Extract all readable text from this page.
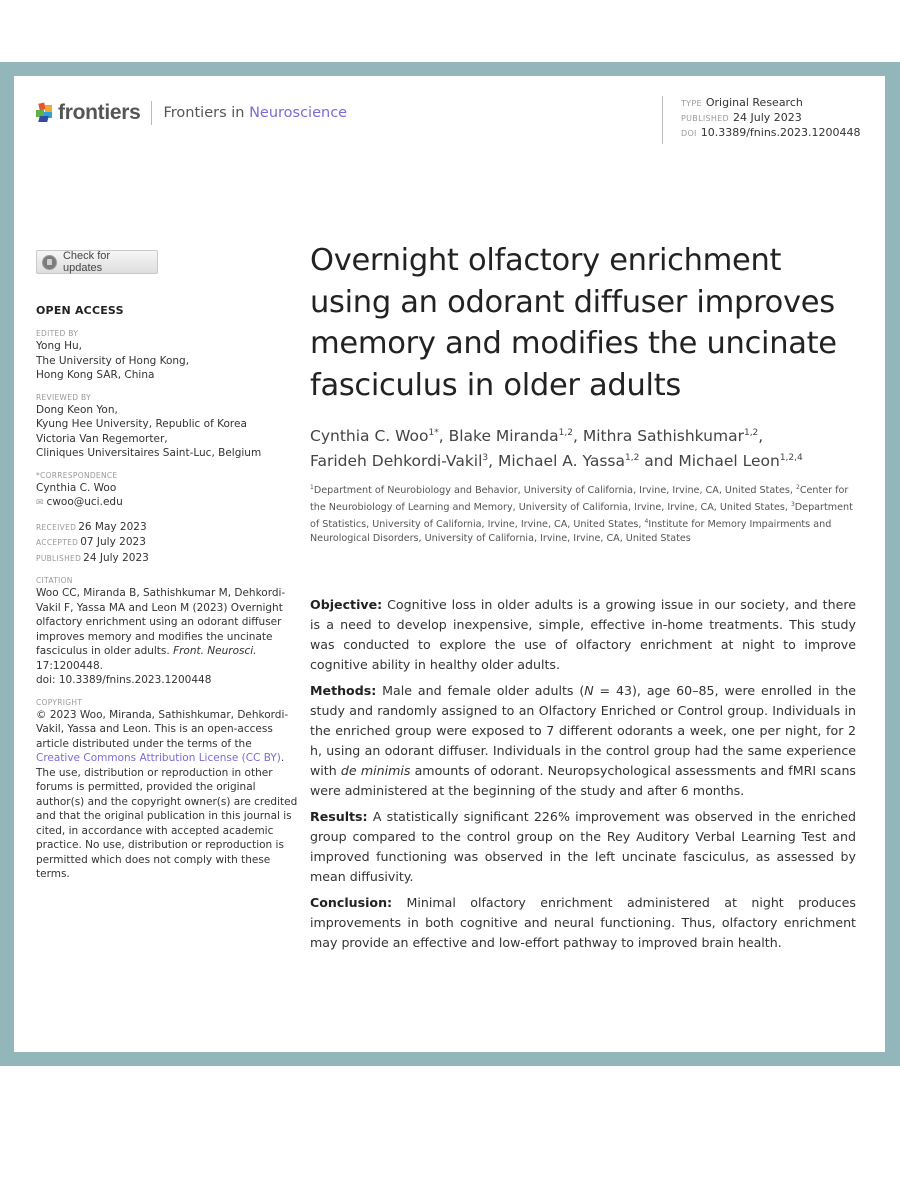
frontiers Frontiers in Neuroscience
TYPE Original Research
PUBLISHED 24 July 2023
DOI 10.3389/fnins.2023.1200448
Check for updates
OPEN ACCESS
EDITED BY
Yong Hu,
The University of Hong Kong,
Hong Kong SAR, China
REVIEWED BY
Dong Keon Yon,
Kyung Hee University, Republic of Korea
Victoria Van Regemorter,
Cliniques Universitaires Saint-Luc, Belgium
*CORRESPONDENCE
Cynthia C. Woo
✉ cwoo@uci.edu
RECEIVED 26 May 2023
ACCEPTED 07 July 2023
PUBLISHED 24 July 2023
CITATION
Woo CC, Miranda B, Sathishkumar M, Dehkordi-Vakil F, Yassa MA and Leon M (2023) Overnight olfactory enrichment using an odorant diffuser improves memory and modifies the uncinate fasciculus in older adults. Front. Neurosci. 17:1200448.
doi: 10.3389/fnins.2023.1200448
COPYRIGHT
© 2023 Woo, Miranda, Sathishkumar, Dehkordi-Vakil, Yassa and Leon. This is an open-access article distributed under the terms of the Creative Commons Attribution License (CC BY). The use, distribution or reproduction in other forums is permitted, provided the original author(s) and the copyright owner(s) are credited and that the original publication in this journal is cited, in accordance with accepted academic practice. No use, distribution or reproduction is permitted which does not comply with these terms.
Overnight olfactory enrichment using an odorant diffuser improves memory and modifies the uncinate fasciculus in older adults
Cynthia C. Woo$^{1*}$, Blake Miranda$^{1,2}$, Mithra Sathishkumar$^{1,2}$,
Farideh Dehkordi-Vakil$^3$, Michael A. Yassa$^{1,2}$ and Michael Leon$^{1,2,4}$
$^1$Department of Neurobiology and Behavior, University of California, Irvine, Irvine, CA, United States, $^2$Center for the Neurobiology of Learning and Memory, University of California, Irvine, Irvine, CA, United States, $^3$Department of Statistics, University of California, Irvine, Irvine, CA, United States, $^4$Institute for Memory Impairments and Neurological Disorders, University of California, Irvine, Irvine, CA, United States

Objective: Cognitive loss in older adults is a growing issue in our society, and there is a need to develop inexpensive, simple, effective in-home treatments. This study was conducted to explore the use of olfactory enrichment at night to improve cognitive ability in healthy older adults.

Methods: Male and female older adults (N = 43), age 60–85, were enrolled in the study and randomly assigned to an Olfactory Enriched or Control group. Individuals in the enriched group were exposed to 7 different odorants a week, one per night, for 2 h, using an odorant diffuser. Individuals in the control group had the same experience with de minimis amounts of odorant. Neuropsychological assessments and fMRI scans were administered at the beginning of the study and after 6 months.

Results: A statistically significant 226% improvement was observed in the enriched group compared to the control group on the Rey Auditory Verbal Learning Test and improved functioning was observed in the left uncinate fasciculus, as assessed by mean diffusivity.

Conclusion: Minimal olfactory enrichment administered at night produces improvements in both cognitive and neural functioning. Thus, olfactory enrichment may provide an effective and low-effort pathway to improved brain health.
